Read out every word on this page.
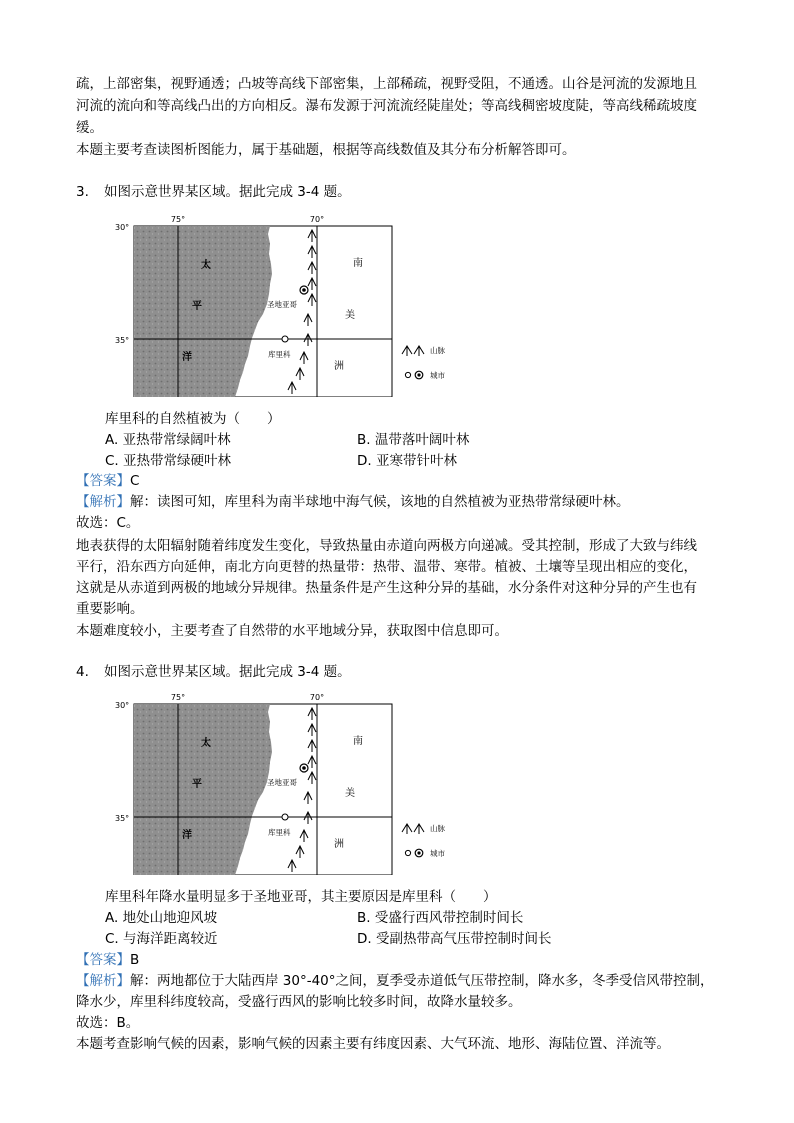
疏，上部密集，视野通透；凸坡等高线下部密集，上部稀疏，视野受阻，不通透。山谷是河流的发源地且

河流的流向和等高线凸出的方向相反。瀑布发源于河流流经陡崖处；等高线稠密坡度陡，等高线稀疏坡度

缓。

本题主要考查读图析图能力，属于基础题，根据等高线数值及其分布分析解答即可。

3. 如图示意世界某区域。据此完成 3-4 题。

75°	70°
30°
35°
太
平
洋
南
美
洲
圣地亚哥
库里科	山脉
城市

库里科的自然植被为（　　）

A. 亚热带常绿阔叶林	B. 温带落叶阔叶林

C. 亚热带常绿硬叶林	D. 亚寒带针叶林

【答案】C

【解析】解：读图可知，库里科为南半球地中海气候，该地的自然植被为亚热带常绿硬叶林。

故选：C。

地表获得的太阳辐射随着纬度发生变化，导致热量由赤道向两极方向递减。受其控制，形成了大致与纬线

平行，沿东西方向延伸，南北方向更替的热量带：热带、温带、寒带。植被、土壤等呈现出相应的变化，

这就是从赤道到两极的地域分异规律。热量条件是产生这种分异的基础，水分条件对这种分异的产生也有

重要影响。

本题难度较小，主要考查了自然带的水平地域分异，获取图中信息即可。

4. 如图示意世界某区域。据此完成 3-4 题。

75°	70°
30°
35°
太
平
洋
南
美
洲
圣地亚哥
库里科	山脉
城市

库里科年降水量明显多于圣地亚哥，其主要原因是库里科（　　）

A. 地处山地迎风坡	B. 受盛行西风带控制时间长

C. 与海洋距离较近	D. 受副热带高气压带控制时间长

【答案】B

【解析】解：两地都位于大陆西岸 30°-40°之间，夏季受赤道低气压带控制，降水多，冬季受信风带控制，

降水少，库里科纬度较高，受盛行西风的影响比较多时间，故降水量较多。

故选：B。

本题考查影响气候的因素，影响气候的因素主要有纬度因素、大气环流、地形、海陆位置、洋流等。
